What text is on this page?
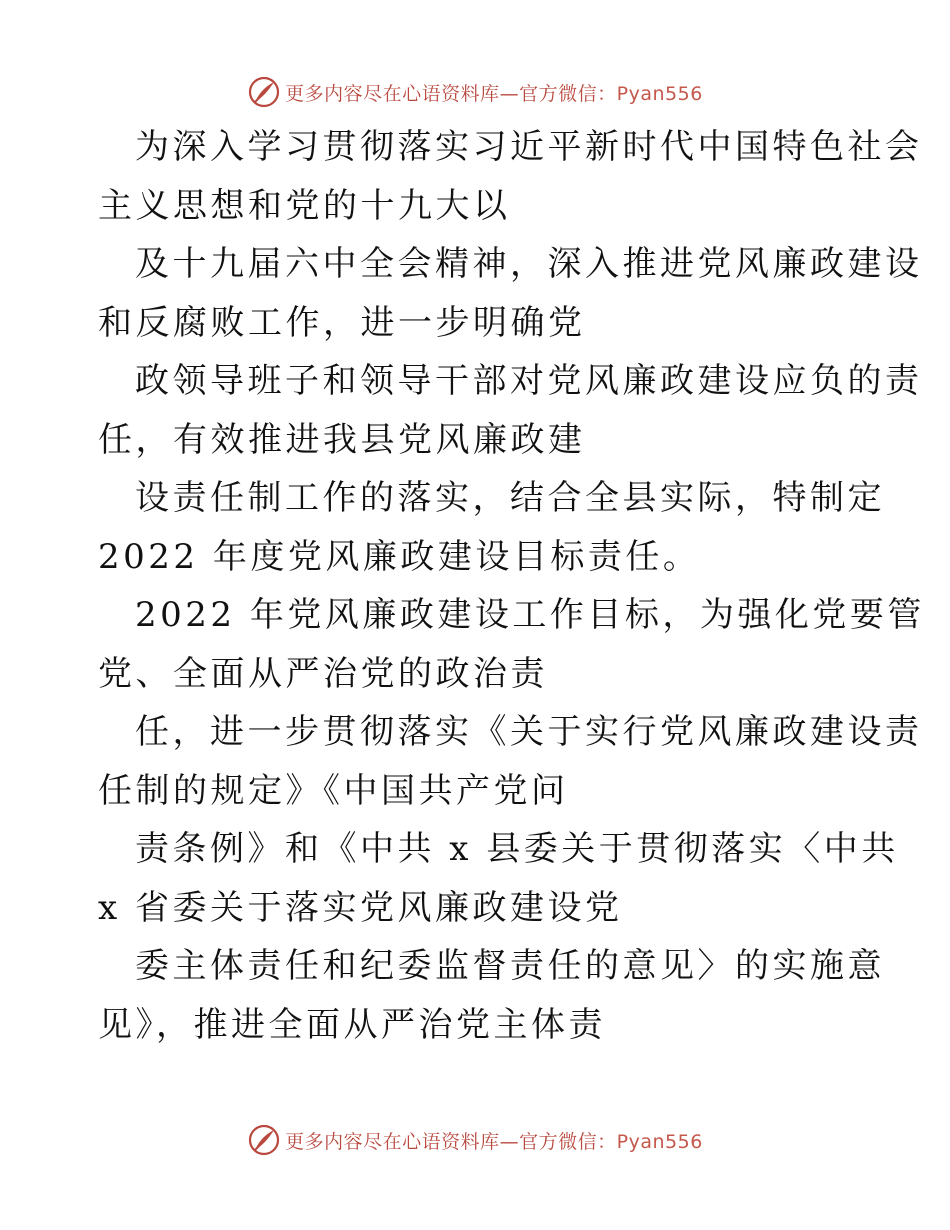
更多内容尽在心语资料库—官方微信：Pyan556
为深入学习贯彻落实习近平新时代中国特色社会
主义思想和党的十九大以
及十九届六中全会精神，深入推进党风廉政建设
和反腐败工作，进一步明确党
政领导班子和领导干部对党风廉政建设应负的责
任，有效推进我县党风廉政建
设责任制工作的落实，结合全县实际，特制定
2022 年度党风廉政建设目标责任。
2022 年党风廉政建设工作目标，为强化党要管
党、全面从严治党的政治责
任，进一步贯彻落实《关于实行党风廉政建设责
任制的规定》《中国共产党问
责条例》和《中共 x 县委关于贯彻落实〈中共
x 省委关于落实党风廉政建设党
委主体责任和纪委监督责任的意见〉的实施意
见》，推进全面从严治党主体责
更多内容尽在心语资料库—官方微信：Pyan556
